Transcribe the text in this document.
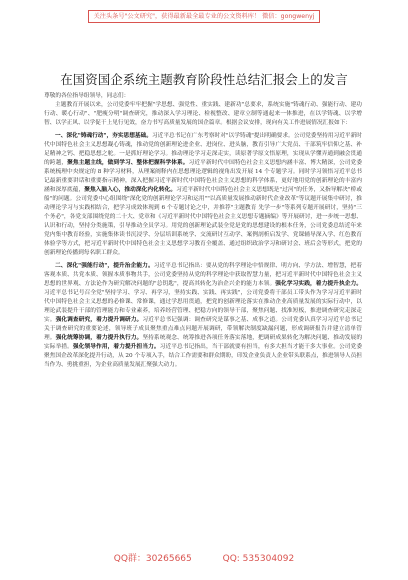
关注头条号"公文研究"，获得最新最全最专业的公文资料库！ 微信：gongwenyj
在国资国企系统主题教育阶段性总结汇报会上的发言

尊敬的各位指导组领导，同志们：

主题教育开展以来，公司党委牢牢把握"学思想、强党性、重实践、建新功"总要求，系统实施"铸魂行动、强能行动、建功行动、暖心行动"、"肥瘦分明"调查研究，推动深入学习理论、检视整改、建章立制等通起来一体推进，在以学铸魂、以学增智、以学正风、以学促干上见行见效，奋力书写高质量发展的国企篇章。根据会议安排，现向有关工作进展情况汇报如下：

一、深化"铸魂行动"，夯实思想基础。习近平总书记在广东考察时对"以学铸魂"提出明确要求。公司党委坚持用习近平新时代中国特色社会主义思想凝心铸魂，推动党的创新理论进企业、进岗位、进头脑，教育引导广大党员、干部筑牢信仰之基、补足精神之钙、把稳思想之舵。一是抓好理论学习。推动理论学习走深走实，读原著学原文悟原理，实现从学懂弄通到融会贯通的跨越，聚焦主题主线，做到学习、整体把握科学体系。习近平新时代中国特色社会主义思想内涵丰富、博大精深，公司党委系统梳理中央规定的 8 种学习材料，从理案阐释内在思想理论逻辑的视角出发开展 14 个专题学习。同时学习领悟习近平总书记最新重要讲话和重要指示精神，深入把握习近平新时代中国特色社会主义思想的科学体系，更好地用党的创新理论的丰富内涵和深厚底蕴，聚焦入脑入心，推动深化内化转化。习近平新时代中国特色社会主义思想既是"过河"的任务，又指导解决"桥或船"的问题。公司党委中心组围绕"深化党的创新理论学习和运用""以高质量发展推动新时代企业改革"等议题开展集中研讨，推动理论学习与实践相结合，把学习成效体现到 6 个专题讨论之中，并推荐"主题教育 先学一步"等系列专题开展研讨，坚持"三个务必"，各党支部围绕党的二十大、党章和《习近平新时代中国特色社会主义思想专题摘编》等开展研讨，进一步统一思想、认识和行动，坚持分类施策，引导推动全员学习。用党的创新理论武装全党是党的思想建设的根本任务，公司党委总结近年来党内集中教育经验，实施集体读书沉浸学、分层培训系统学、交流研讨互动学、案例剖析启发学、党课辅导深入学、红色教育体验学等方式，把习近平新时代中国特色社会主义思想学习教育全覆盖、通过组织政治学习和研讨会、班后会等形式，把党的创新理论传播到每名职工群众。

二、深化"强能行动"，提升治企能力。习近平总书记指出：要从党的科学理论中悟规律、明方向、学方法、增智慧，把着客观本质、共党本质、领握本质事物共手，公司党委坚持从党的科学理论中获取智慧力量，把习近平新时代中国特色社会主义思想的世界观、方法论作为研究解决问题的"总钥匙"，提高其转化为治企兴企的能力本领。强化学习实践，着力提升执企力。习近平总书记号召全党"坚持学习、学习、再学习，坚持实践、实践、再实践"，公司党委将干部员工带头作为学习习近平新时代中国特色社会主义思想的必修课、常修课，通过学思用贯通，把党的创新理论落实在推动企业高质量发展的实际行动中，以理论武装提升干部的管理能力和专业素养，培养经营管理、把稳方向的领导干部，聚焦问题、找准短板，推进调查研究走深走实。强化调查研究，着力提升调研力。习近平总书记强调：调查研究是谋事之基、成事之道。公司党委认真学习习近平总书记关于调查研究的重要论述，领导班子成员聚焦重点难点问题开展调研，带领解决制度缺漏问题，形成调研报告并建立清单管理。强化统筹协调，着力提升执行力。坚持系统观念、统筹推进各项任务落实落地，把调研成果转化为解决问题、推动发展的实际举措。强化领导作用，着力提升担当力。习近平总书记指出，当干部就要有担当，有多大担当才能干多大事业。公司党委聚焦国企改革深化提升行动，从 20 个专项入手，结合工作需要和群众期盼，印发企业负责人企业带头联系点，推进领导人员担当作为、勇挑重担，为企业高质量发展汇聚强大动力。

QQ群：30265665	QQ: 535304092
